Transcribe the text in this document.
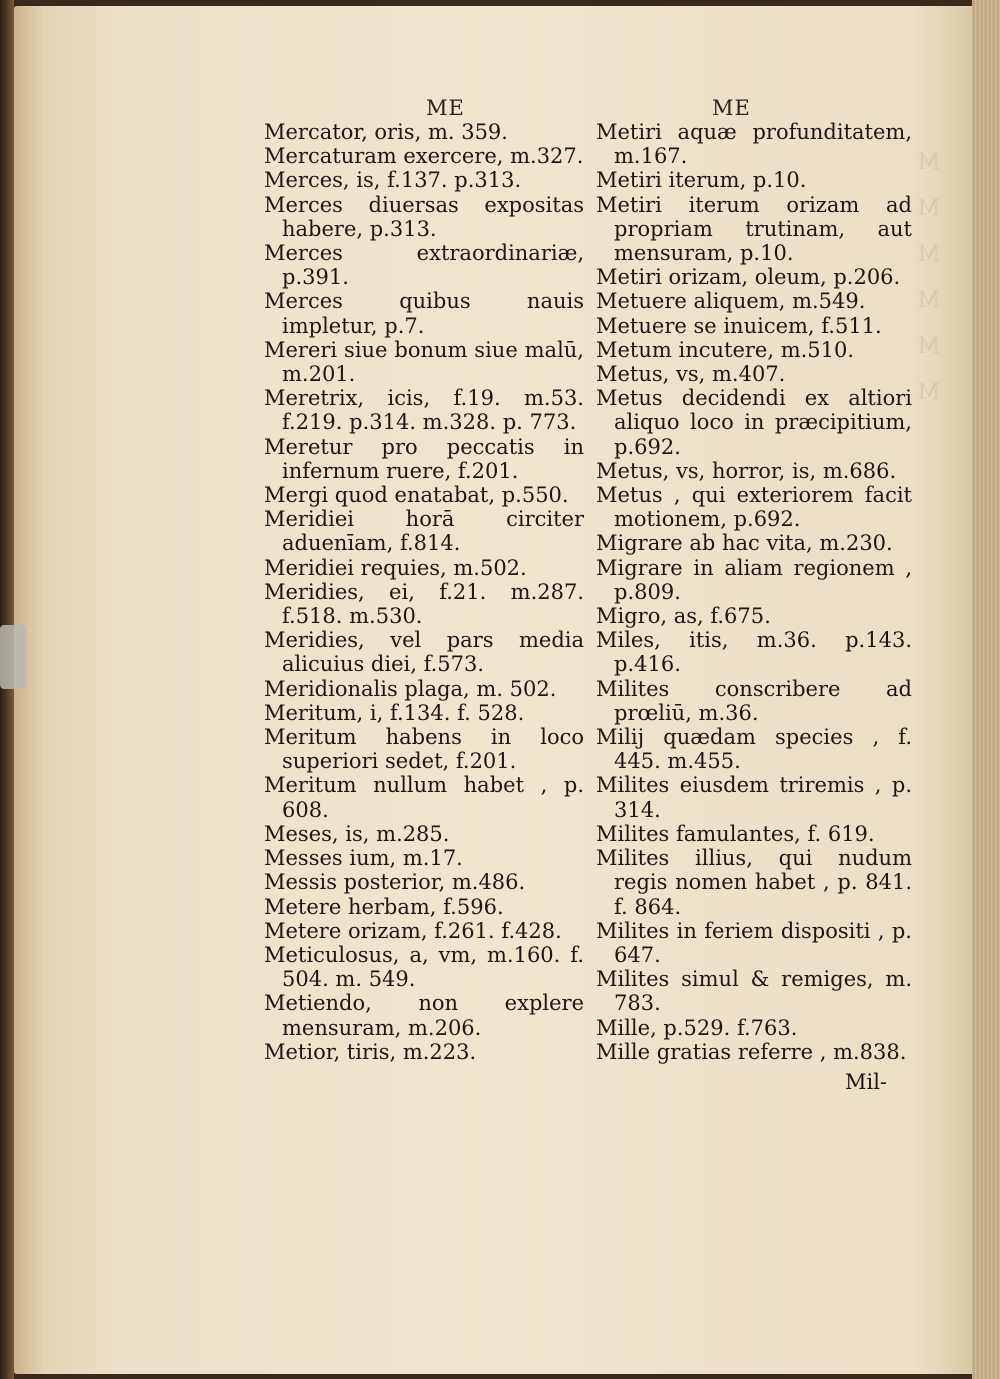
ME	ME

Mercator, oris, m. 359.

Mercaturam exercere, m.327.

Merces, is, f.137. p.313.

Merces diuersas expositas habere, p.313.

Merces extraordinariæ, p.391.

Merces quibus nauis impletur, p.7.

Mereri siue bonum siue malū, m.201.

Meretrix, icis, f.19. m.53. f.219. p.314. m.328. p. 773.

Meretur pro peccatis in infernum ruere, f.201.

Mergi quod enatabat, p.550.

Meridiei horā circiter aduenīam, f.814.

Meridiei requies, m.502.

Meridies, ei, f.21. m.287. f.518. m.530.

Meridies, vel pars media alicuius diei, f.573.

Meridionalis plaga, m. 502.

Meritum, i, f.134. f. 528.

Meritum habens in loco superiori sedet, f.201.

Meritum nullum habet , p. 608.

Meses, is, m.285.

Messes ium, m.17.

Messis posterior, m.486.

Metere herbam, f.596.

Metere orizam, f.261. f.428.

Meticulosus, a, vm, m.160. f. 504. m. 549.

Metiendo, non explere mensuram, m.206.

Metior, tiris, m.223.

Metiri aquæ profunditatem, m.167.

Metiri iterum, p.10.

Metiri iterum orizam ad propriam trutinam, aut mensuram, p.10.

Metiri orizam, oleum, p.206.

Metuere aliquem, m.549.

Metuere se inuicem, f.511.

Metum incutere, m.510.

Metus, vs, m.407.

Metus decidendi ex altiori aliquo loco in præcipitium, p.692.

Metus, vs, horror, is, m.686.

Metus , qui exteriorem facit motionem, p.692.

Migrare ab hac vita, m.230.

Migrare in aliam regionem , p.809.

Migro, as, f.675.

Miles, itis, m.36. p.143. p.416.

Milites conscribere ad prœliū, m.36.

Milij quædam species , f. 445. m.455.

Milites eiusdem triremis , p. 314.

Milites famulantes, f. 619.

Milites illius, qui nudum regis nomen habet , p. 841. f. 864.

Milites in feriem dispositi , p. 647.

Milites simul & remiges, m. 783.

Mille, p.529. f.763.

Mille gratias referre , m.838.

Mil-
